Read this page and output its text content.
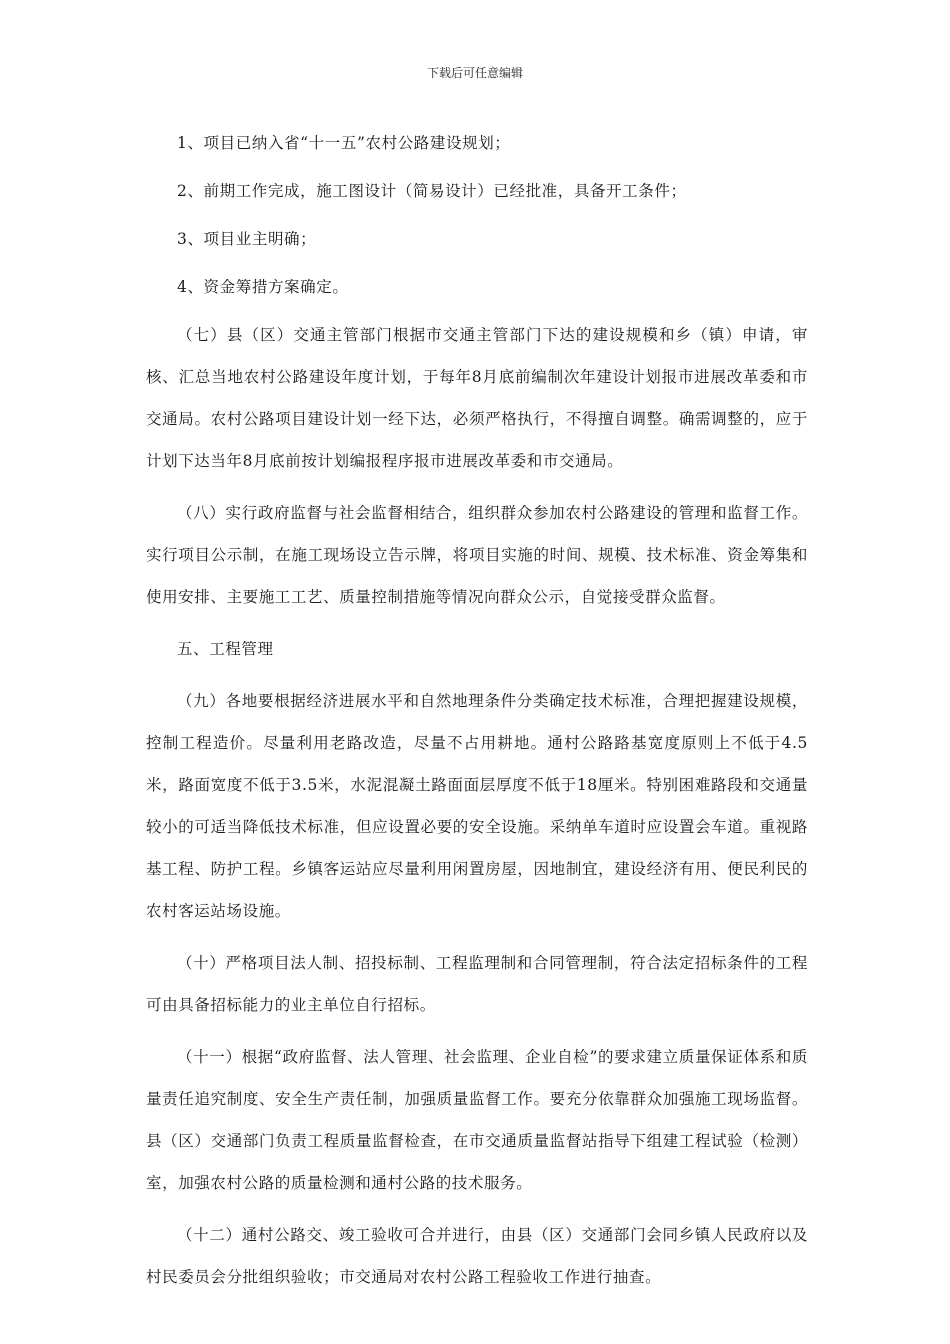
下载后可任意编辑

1、项目已纳入省“十一五”农村公路建设规划；

2、前期工作完成，施工图设计（简易设计）已经批准，具备开工条件；

3、项目业主明确；

4、资金筹措方案确定。

（七）县（区）交通主管部门根据市交通主管部门下达的建设规模和乡（镇）申请，审核、汇总当地农村公路建设年度计划，于每年8月底前编制次年建设计划报市进展改革委和市交通局。农村公路项目建设计划一经下达，必须严格执行，不得擅自调整。确需调整的，应于计划下达当年8月底前按计划编报程序报市进展改革委和市交通局。

（八）实行政府监督与社会监督相结合，组织群众参加农村公路建设的管理和监督工作。实行项目公示制，在施工现场设立告示牌，将项目实施的时间、规模、技术标准、资金筹集和使用安排、主要施工工艺、质量控制措施等情况向群众公示，自觉接受群众监督。

五、工程管理

（九）各地要根据经济进展水平和自然地理条件分类确定技术标准，合理把握建设规模，控制工程造价。尽量利用老路改造，尽量不占用耕地。通村公路路基宽度原则上不低于4.5米，路面宽度不低于3.5米，水泥混凝土路面面层厚度不低于18厘米。特别困难路段和交通量较小的可适当降低技术标准，但应设置必要的安全设施。采纳单车道时应设置会车道。重视路基工程、防护工程。乡镇客运站应尽量利用闲置房屋，因地制宜，建设经济有用、便民利民的农村客运站场设施。

（十）严格项目法人制、招投标制、工程监理制和合同管理制，符合法定招标条件的工程可由具备招标能力的业主单位自行招标。

（十一）根据“政府监督、法人管理、社会监理、企业自检”的要求建立质量保证体系和质量责任追究制度、安全生产责任制，加强质量监督工作。要充分依靠群众加强施工现场监督。县（区）交通部门负责工程质量监督检查，在市交通质量监督站指导下组建工程试验（检测）室，加强农村公路的质量检测和通村公路的技术服务。

（十二）通村公路交、竣工验收可合并进行，由县（区）交通部门会同乡镇人民政府以及村民委员会分批组织验收；市交通局对农村公路工程验收工作进行抽查。
